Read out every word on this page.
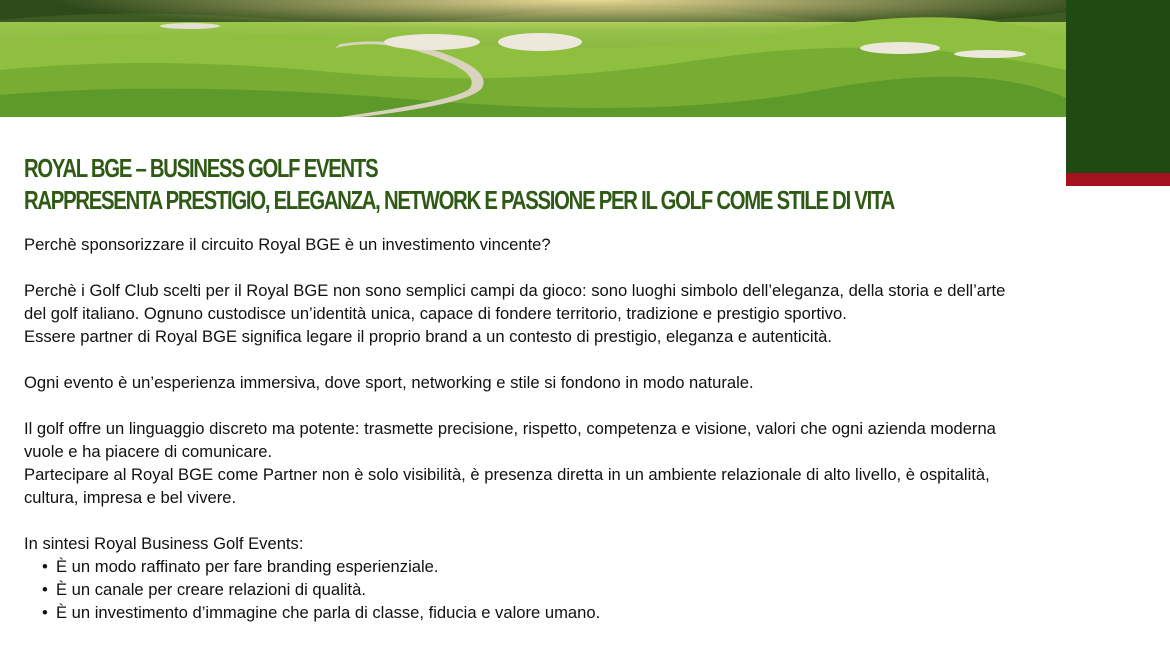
ROYAL BGE – BUSINESS GOLF EVENTS
RAPPRESENTA PRESTIGIO, ELEGANZA, NETWORK E PASSIONE PER IL GOLF COME STILE DI VITA

Perchè sponsorizzare il circuito Royal BGE è un investimento vincente?

Perchè i Golf Club scelti per il Royal BGE non sono semplici campi da gioco: sono luoghi simbolo dell’eleganza, della storia e dell’arte

del golf italiano. Ognuno custodisce un’identità unica, capace di fondere territorio, tradizione e prestigio sportivo.

Essere partner di Royal BGE significa legare il proprio brand a un contesto di prestigio, eleganza e autenticità.

Ogni evento è un’esperienza immersiva, dove sport, networking e stile si fondono in modo naturale.

Il golf offre un linguaggio discreto ma potente: trasmette precisione, rispetto, competenza e visione, valori che ogni azienda moderna

vuole e ha piacere di comunicare.

Partecipare al Royal BGE come Partner non è solo visibilità, è presenza diretta in un ambiente relazionale di alto livello, è ospitalità,

cultura, impresa e bel vivere.

In sintesi Royal Business Golf Events:

• È un modo raffinato per fare branding esperienziale.
• È un canale per creare relazioni di qualità.
• È un investimento d’immagine che parla di classe, fiducia e valore umano.
